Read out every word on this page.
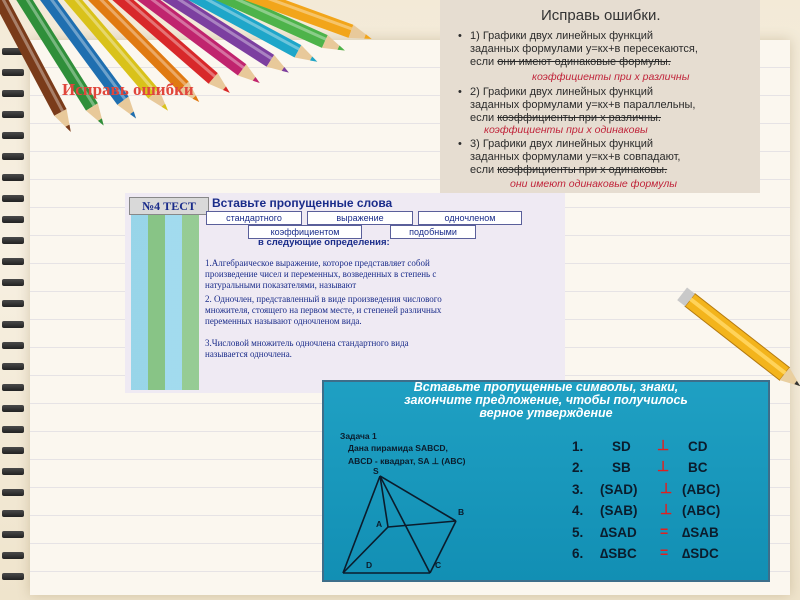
Исправь ошибки
Исправь ошибки.
• 1) Графики двух линейных функций
заданных формулами у=кх+в пересекаются,
если они имеют одинаковые формулы.
коэффициенты при х различны
• 2) Графики двух линейных функций
заданных формулами у=кх+в параллельны,
если коэффициенты при х различны.
коэффициенты при х одинаковы
• 3) Графики двух линейных функций
заданных формулами у=кх+в совпадают,
если коэффициенты при х одинаковы.
они имеют одинаковые формулы
№4 ТЕСТ	Вставьте пропущенные слова
стандартного	выражение	одночленом
коэффициентом	подобными
в следующие определения:
1.Алгебраическое выражение, которое представляет собой
произведение чисел и переменных, возведенных в степень с
натуральными показателями, называют
2. Одночлен, представленный в виде произведения числового
множителя, стоящего на первом месте, и степеней различных
переменных называют одночленом вида.
3.Числовой множитель одночлена стандартного вида
называется одночлена.
Вставьте пропущенные символы, знаки,
закончите предложение, чтобы получилось
верное утверждение
Задача 1
Дана пирамида SABCD,
ABCD - квадрат, SA ⊥ (ABC)
S
A
B
C
D
1. SD ⊥ CD
2. SB ⊥ BC
3. (SAD) ⊥ (ABC)
4. (SAB) ⊥ (ABC)
5. ∆SAD = ∆SAB
6. ∆SBC = ∆SDC
